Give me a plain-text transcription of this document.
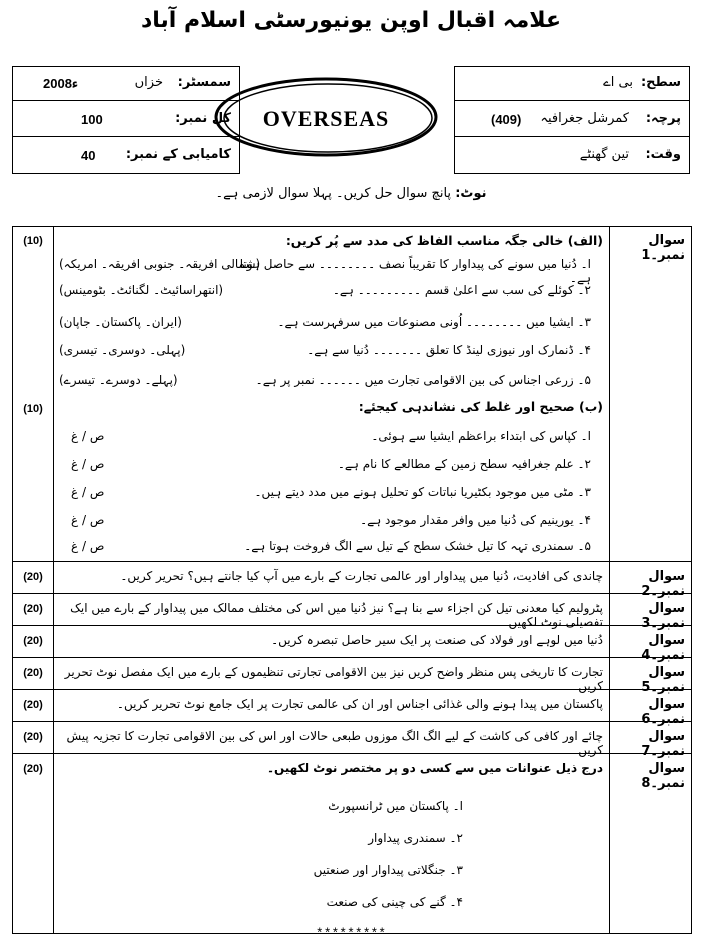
علامہ اقبال اوپن یونیورسٹی اسلام آباد
سمسٹر:
خزاں
2008ء
کل نمبر:
100
کامیابی کے نمبر:
40
OVERSEAS
سطح:
بی اے
پرچہ:
کمرشل جغرافیہ
(409)
وقت:
تین گھنٹے
نوٹ: پانچ سوال حل کریں۔ پہلا سوال لازمی ہے۔
سوال نمبر۔1
(10)	(الف) خالی جگہ مناسب الفاظ کی مدد سے پُر کریں:
ا۔ دُنیا میں سونے کی پیداوار کا تقریباً نصف ۔۔۔۔۔۔۔۔ سے حاصل ہوتا ہے۔
(شمالی افریقہ۔ جنوبی افریقہ۔ امریکہ)
۲۔ کوئلے کی سب سے اعلیٰ قسم ۔۔۔۔۔۔۔۔۔ ہے۔
(انتھراسائیٹ۔ لگنائٹ۔ بٹومینس)
۳۔ ایشیا میں ۔۔۔۔۔۔۔۔ اُونی مصنوعات میں سرفہرست ہے۔
(ایران۔ پاکستان۔ جاپان)
۴۔ ڈنمارک اور نیوزی لینڈ کا تعلق ۔۔۔۔۔۔۔ دُنیا سے ہے۔
(پہلی۔ دوسری۔ تیسری)
۵۔ زرعی اجناس کی بین الاقوامی تجارت میں ۔۔۔۔۔۔ نمبر پر ہے۔
(پہلے۔ دوسرے۔ تیسرے)
(10)	(ب) صحیح اور غلط کی نشاندہی کیجئے:
ا۔ کپاس کی ابتداء براعظم ایشیا سے ہوئی۔
ص / غ
۲۔ علم جغرافیہ سطح زمین کے مطالعے کا نام ہے۔
ص / غ
۳۔ مٹی میں موجود بکٹیریا نباتات کو تحلیل ہونے میں مدد دیتے ہیں۔
ص / غ
۴۔ یورینیم کی دُنیا میں وافر مقدار موجود ہے۔
ص / غ
۵۔ سمندری تہہ کا تیل خشک سطح کے تیل سے الگ فروخت ہوتا ہے۔
ص / غ
سوال نمبر۔2
(20)	چاندی کی افادیت، دُنیا میں پیداوار اور عالمی تجارت کے بارے میں آپ کیا جانتے ہیں؟ تحریر کریں۔
سوال نمبر۔3
(20)	پٹرولیم کیا معدنی تیل کن اجزاء سے بنا ہے؟ نیز دُنیا میں اس کی مختلف ممالک میں پیداوار کے بارے میں ایک تفصیلی نوٹ لکھیں۔
سوال نمبر۔4
(20)	دُنیا میں لوہے اور فولاد کی صنعت پر ایک سیر حاصل تبصرہ کریں۔
سوال نمبر۔5
(20)	تجارت کا تاریخی پس منظر واضح کریں نیز بین الاقوامی تجارتی تنظیموں کے بارے میں ایک مفصل نوٹ تحریر کریں۔
سوال نمبر۔6
(20)	پاکستان میں پیدا ہونے والی غذائی اجناس اور ان کی عالمی تجارت پر ایک جامع نوٹ تحریر کریں۔
سوال نمبر۔7
(20)	چائے اور کافی کی کاشت کے لیے الگ الگ موزوں طبعی حالات اور اس کی بین الاقوامی تجارت کا تجزیہ پیش کریں۔
سوال نمبر۔8
(20)	درج ذیل عنوانات میں سے کسی دو پر مختصر نوٹ لکھیں۔
ا۔ پاکستان میں ٹرانسپورٹ
۲۔ سمندری پیداوار
۳۔ جنگلاتی پیداوار اور صنعتیں
۴۔ گنے کی چینی کی صنعت
*********
